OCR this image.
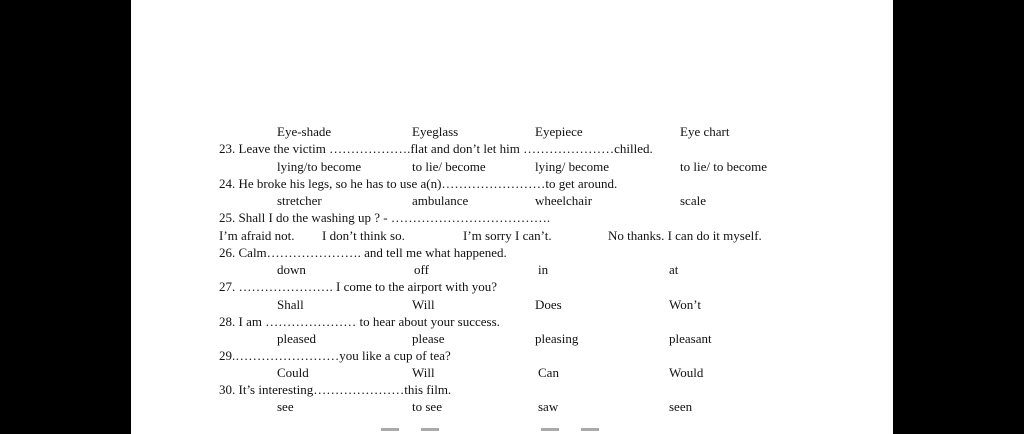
Eye-shade	Eyeglass	Eyepiece	Eye chart
23. Leave the victim ……………….flat and don’t let him …………………chilled.
lying/to become	to lie/ become	lying/ become	to lie/ to become
24. He broke his legs, so he has to use a(n)……………………to get around.
stretcher	ambulance	wheelchair	scale
25. Shall I do the washing up ? - ……………………………….
I’m afraid not. I don’t think so.	I’m sorry I can’t.	No thanks. I can do it myself.
26. Calm…………………. and tell me what happened.
down	off	in	at
27. …………………. I come to the airport with you?
Shall	Will	Does	Won’t
28. I am ………………… to hear about your success.
pleased	please	pleasing	pleasant
29.……………………you like a cup of tea?
Could	Will	Can	Would
30. It’s interesting…………………this film.
see	to see	saw	seen
